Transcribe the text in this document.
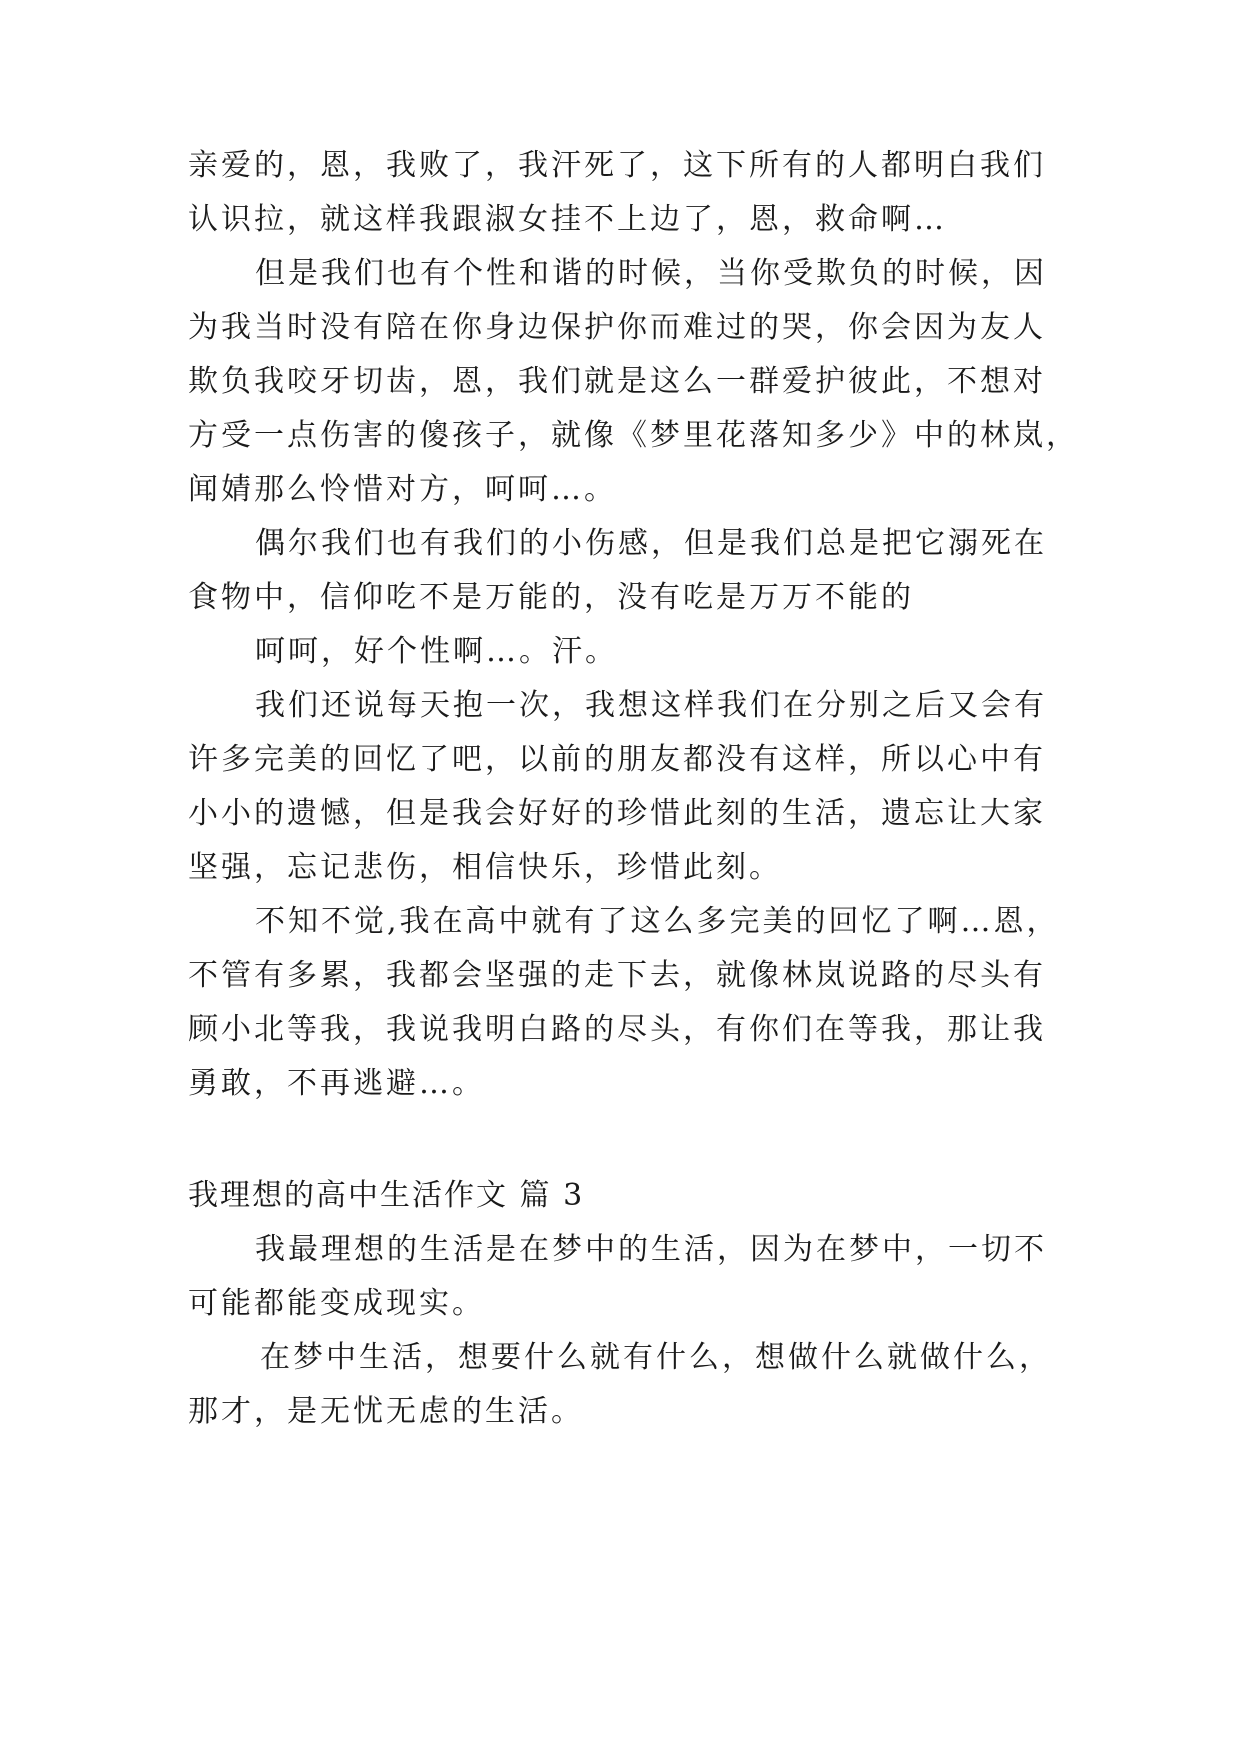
亲爱的，恩，我败了，我汗死了，这下所有的人都明白我们
认识拉，就这样我跟淑女挂不上边了，恩，救命啊…
但是我们也有个性和谐的时候，当你受欺负的时候，因
为我当时没有陪在你身边保护你而难过的哭，你会因为友人
欺负我咬牙切齿，恩，我们就是这么一群爱护彼此，不想对
方受一点伤害的傻孩子，就像《梦里花落知多少》中的林岚，
闻婧那么怜惜对方，呵呵…。
偶尔我们也有我们的小伤感，但是我们总是把它溺死在
食物中，信仰吃不是万能的，没有吃是万万不能的
呵呵，好个性啊…。汗。
我们还说每天抱一次，我想这样我们在分别之后又会有
许多完美的回忆了吧，以前的朋友都没有这样，所以心中有
小小的遗憾，但是我会好好的珍惜此刻的生活，遗忘让大家
坚强，忘记悲伤，相信快乐，珍惜此刻。
不知不觉,我在高中就有了这么多完美的回忆了啊…恩，
不管有多累，我都会坚强的走下去，就像林岚说路的尽头有
顾小北等我，我说我明白路的尽头，有你们在等我，那让我
勇敢，不再逃避…。
我理想的高中生活作文 篇 3
我最理想的生活是在梦中的生活，因为在梦中，一切不
可能都能变成现实。
在梦中生活，想要什么就有什么，想做什么就做什么，
那才，是无忧无虑的生活。
